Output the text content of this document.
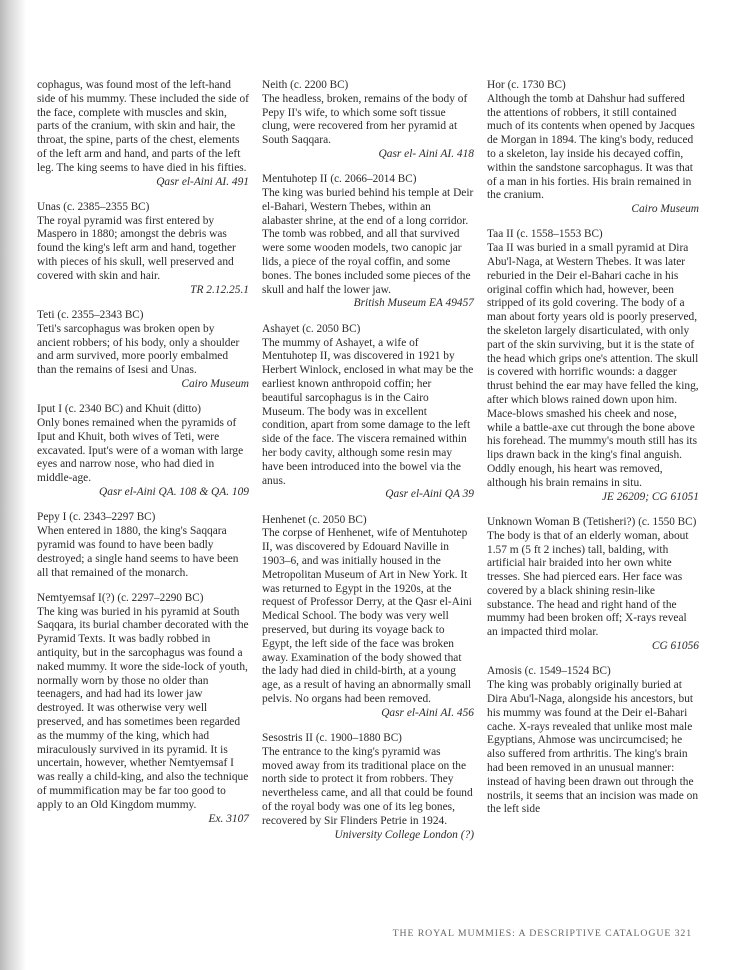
cophagus, was found most of the left-hand side of his mummy. These included the side of the face, complete with muscles and skin, parts of the cranium, with skin and hair, the throat, the spine, parts of the chest, elements of the left arm and hand, and parts of the left leg. The king seems to have died in his fifties.

Qasr el-Aini AI. 491

Unas (c. 2385–2355 BC)

The royal pyramid was first entered by Maspero in 1880; amongst the debris was found the king's left arm and hand, together with pieces of his skull, well preserved and covered with skin and hair.

TR 2.12.25.1

Teti (c. 2355–2343 BC)

Teti's sarcophagus was broken open by ancient robbers; of his body, only a shoulder and arm survived, more poorly embalmed than the remains of Isesi and Unas.

Cairo Museum

Iput I (c. 2340 BC) and Khuit (ditto)

Only bones remained when the pyramids of Iput and Khuit, both wives of Teti, were excavated. Iput's were of a woman with large eyes and narrow nose, who had died in middle-age.

Qasr el-Aini QA. 108 & QA. 109

Pepy I (c. 2343–2297 BC)

When entered in 1880, the king's Saqqara pyramid was found to have been badly destroyed; a single hand seems to have been all that remained of the monarch.

Nemtyemsaf I(?) (c. 2297–2290 BC)

The king was buried in his pyramid at South Saqqara, its burial chamber decorated with the Pyramid Texts. It was badly robbed in antiquity, but in the sarcophagus was found a naked mummy. It wore the side-lock of youth, normally worn by those no older than teenagers, and had had its lower jaw destroyed. It was otherwise very well preserved, and has sometimes been regarded as the mummy of the king, which had miraculously survived in its pyramid. It is uncertain, however, whether Nemtyemsaf I was really a child-king, and also the technique of mummification may be far too good to apply to an Old Kingdom mummy.

Ex. 3107

Neith (c. 2200 BC)

The headless, broken, remains of the body of Pepy II's wife, to which some soft tissue clung, were recovered from her pyramid at South Saqqara.

Qasr el- Aini AI. 418

Mentuhotep II (c. 2066–2014 BC)

The king was buried behind his temple at Deir el-Bahari, Western Thebes, within an alabaster shrine, at the end of a long corridor. The tomb was robbed, and all that survived were some wooden models, two canopic jar lids, a piece of the royal coffin, and some bones. The bones included some pieces of the skull and half the lower jaw.

British Museum EA 49457

Ashayet (c. 2050 BC)

The mummy of Ashayet, a wife of Mentuhotep II, was discovered in 1921 by Herbert Winlock, enclosed in what may be the earliest known anthropoid coffin; her beautiful sarcophagus is in the Cairo Museum. The body was in excellent condition, apart from some damage to the left side of the face. The viscera remained within her body cavity, although some resin may have been introduced into the bowel via the anus.

Qasr el-Aini QA 39

Henhenet (c. 2050 BC)

The corpse of Henhenet, wife of Mentuhotep II, was discovered by Edouard Naville in 1903–6, and was initially housed in the Metropolitan Museum of Art in New York. It was returned to Egypt in the 1920s, at the request of Professor Derry, at the Qasr el-Aini Medical School. The body was very well preserved, but during its voyage back to Egypt, the left side of the face was broken away. Examination of the body showed that the lady had died in child-birth, at a young age, as a result of having an abnormally small pelvis. No organs had been removed.

Qasr el-Aini AI. 456

Sesostris II (c. 1900–1880 BC)

The entrance to the king's pyramid was moved away from its traditional place on the north side to protect it from robbers. They nevertheless came, and all that could be found of the royal body was one of its leg bones, recovered by Sir Flinders Petrie in 1924.

University College London (?)

Hor (c. 1730 BC)

Although the tomb at Dahshur had suffered the attentions of robbers, it still contained much of its contents when opened by Jacques de Morgan in 1894. The king's body, reduced to a skeleton, lay inside his decayed coffin, within the sandstone sarcophagus. It was that of a man in his forties. His brain remained in the cranium.

Cairo Museum

Taa II (c. 1558–1553 BC)

Taa II was buried in a small pyramid at Dira Abu'l-Naga, at Western Thebes. It was later reburied in the Deir el-Bahari cache in his original coffin which had, however, been stripped of its gold covering. The body of a man about forty years old is poorly preserved, the skeleton largely disarticulated, with only part of the skin surviving, but it is the state of the head which grips one's attention. The skull is covered with horrific wounds: a dagger thrust behind the ear may have felled the king, after which blows rained down upon him. Mace-blows smashed his cheek and nose, while a battle-axe cut through the bone above his forehead. The mummy's mouth still has its lips drawn back in the king's final anguish. Oddly enough, his heart was removed, although his brain remains in situ.

JE 26209; CG 61051

Unknown Woman B (Tetisheri?) (c. 1550 BC)

The body is that of an elderly woman, about 1.57 m (5 ft 2 inches) tall, balding, with artificial hair braided into her own white tresses. She had pierced ears. Her face was covered by a black shining resin-like substance. The head and right hand of the mummy had been broken off; X-rays reveal an impacted third molar.

CG 61056

Amosis (c. 1549–1524 BC)

The king was probably originally buried at Dira Abu'l-Naga, alongside his ancestors, but his mummy was found at the Deir el-Bahari cache. X-rays revealed that unlike most male Egyptians, Ahmose was uncircumcised; he also suffered from arthritis. The king's brain had been removed in an unusual manner: instead of having been drawn out through the nostrils, it seems that an incision was made on the left side

THE ROYAL MUMMIES: A DESCRIPTIVE CATALOGUE 321
